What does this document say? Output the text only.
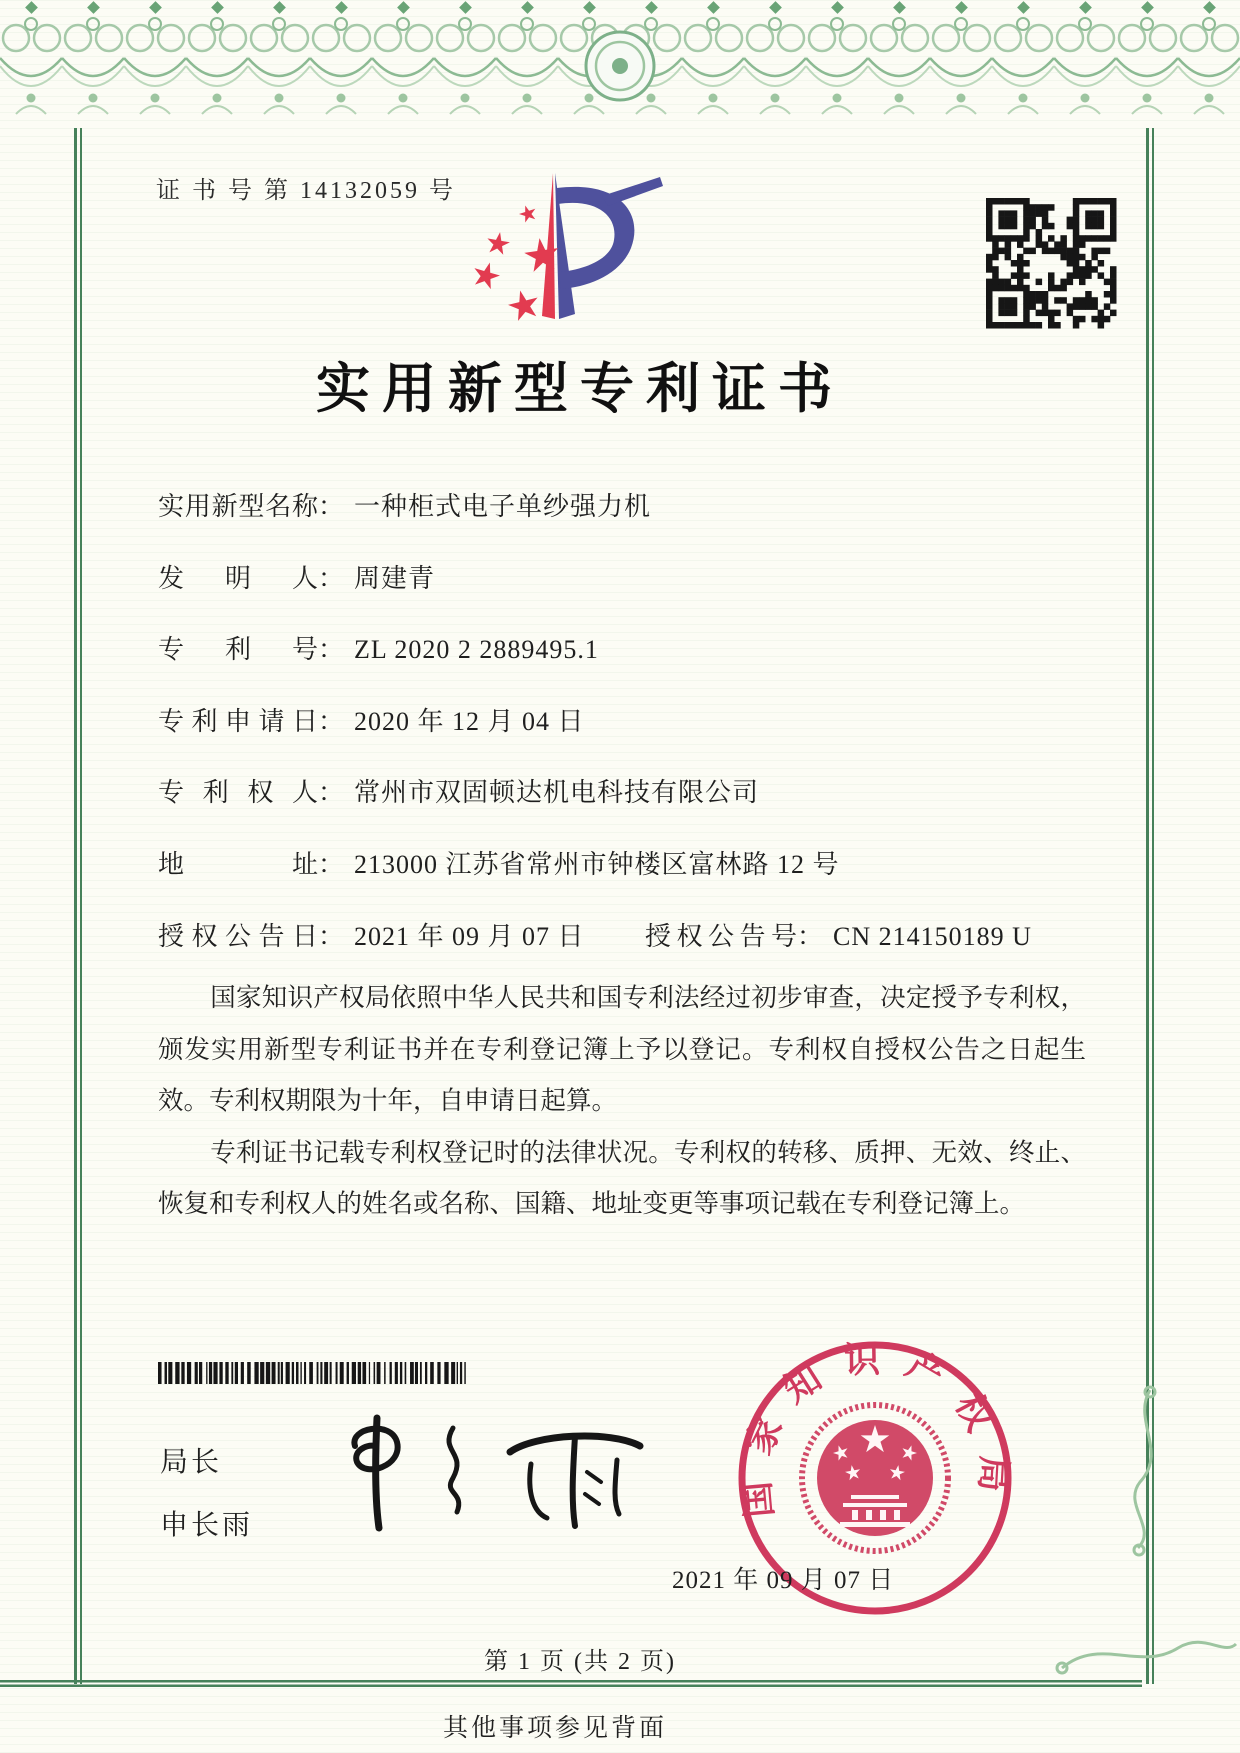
国家知识产权局
证 书 号 第 14132059 号
实用新型专利证书
实用新型名称： 一种柜式电子单纱强力机
发明人： 周建青
专利号： ZL 2020 2 2889495.1
专利申请日： 2020 年 12 月 04 日
专利权人： 常州市双固顿达机电科技有限公司
地址： 213000 江苏省常州市钟楼区富林路 12 号
授权公告日： 2021 年 09 月 07 日 授权公告号： CN 214150189 U

国家知识产权局依照中华人民共和国专利法经过初步审查，决定授予专利权，颁发实用新型专利证书并在专利登记簿上予以登记。专利权自授权公告之日起生效。专利权期限为十年，自申请日起算。

专利证书记载专利权登记时的法律状况。专利权的转移、质押、无效、终止、恢复和专利权人的姓名或名称、国籍、地址变更等事项记载在专利登记簿上。

局长
申长雨
2021 年 09 月 07 日
第 1 页 (共 2 页)
其他事项参见背面
